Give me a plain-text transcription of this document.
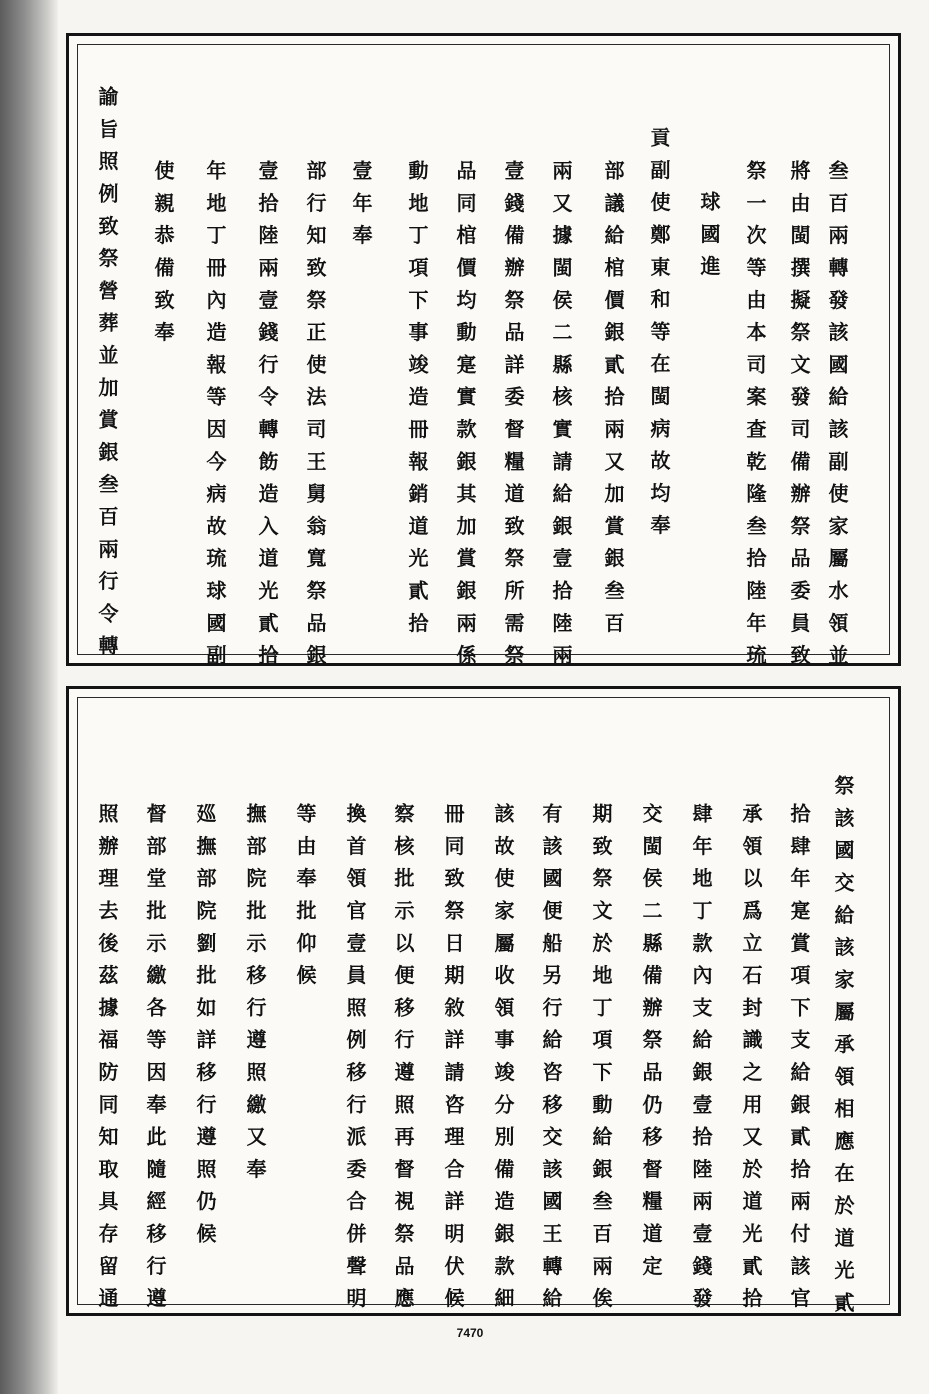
叁百兩轉發該國給該副使家屬水領並
將由閩撰擬祭文發司備辦祭品委員致
祭一次等由本司案查乾隆叁拾陸年琉
球國進
貢副使鄭東和等在閩病故均奉
部議給棺價銀貳拾兩又加賞銀叁百
兩又據閩侯二縣核實請給銀壹拾陸兩
壹錢備辦祭品詳委督糧道致祭所需祭
品同棺價均動寔實款銀其加賞銀兩係
動地丁項下事竣造冊報銷道光貳拾
壹年奉
部行知致祭正使法司王舅翁寬祭品銀
壹拾陸兩壹錢行令轉飭造入道光貳拾
年地丁冊內造報等因今病故琉球國副
使親恭備致奉
諭旨照例致祭營葬並加賞銀叁百兩行令轉
祭該國交給該家屬承領相應在於道光貳
拾肆年寔賞項下支給銀貳拾兩付該官
承領以爲立石封識之用又於道光貳拾
肆年地丁款內支給銀壹拾陸兩壹錢發
交閩侯二縣備辦祭品仍移督糧道定
期致祭文於地丁項下動給銀叁百兩俟
有該國便船另行給咨移交該國王轉給
該故使家屬收領事竣分別備造銀款細
冊同致祭日期敘詳請咨理合詳明伏候
察核批示以便移行遵照再督視祭品應
換首領官壹員照例移行派委合併聲明
等由奉批仰候
撫部院批示移行遵照繳又奉
廵撫部院劉批如詳移行遵照仍候
督部堂批示繳各等因奉此隨經移行遵
照辦理去後茲據福防同知取具存留通
7470
